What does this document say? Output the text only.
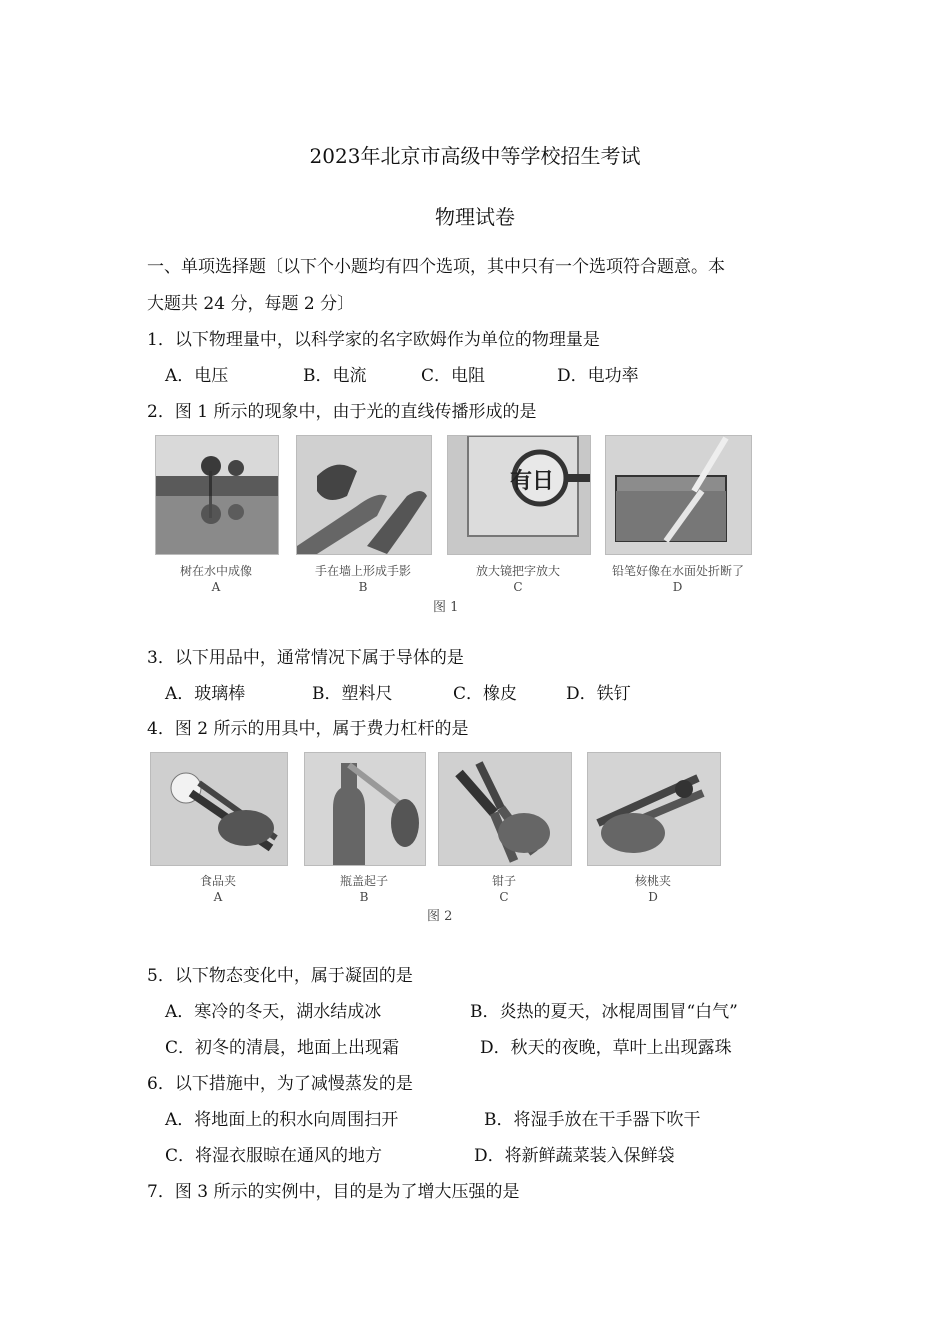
2023年北京市高级中等学校招生考试
物理试卷
一、单项选择题〔以下个小题均有四个选项，其中只有一个选项符合题意。本
大题共 24 分，每题 2 分〕
1．以下物理量中，以科学家的名字欧姆作为单位的物理量是
A．电压	B．电流	C．电阻	D．电功率
2．图 1 所示的现象中，由于光的直线传播形成的是
有日
树在水中成像	手在墙上形成手影	放大镜把字放大	铅笔好像在水面处折断了
A	B	C	D
图 1
3．以下用品中，通常情况下属于导体的是
A．玻璃棒	B．塑料尺	C．橡皮	D．铁钉
4．图 2 所示的用具中，属于费力杠杆的是
食品夹	瓶盖起子	钳子	核桃夹
A	B	C	D
图 2
5．以下物态变化中，属于凝固的是
A．寒冷的冬天，湖水结成冰	B．炎热的夏天，冰棍周围冒“白气”
C．初冬的清晨，地面上出现霜	D．秋天的夜晚，草叶上出现露珠
6．以下措施中，为了减慢蒸发的是
A．将地面上的积水向周围扫开	B．将湿手放在干手器下吹干
C．将湿衣服晾在通风的地方	D．将新鲜蔬菜装入保鲜袋
7．图 3 所示的实例中，目的是为了增大压强的是
